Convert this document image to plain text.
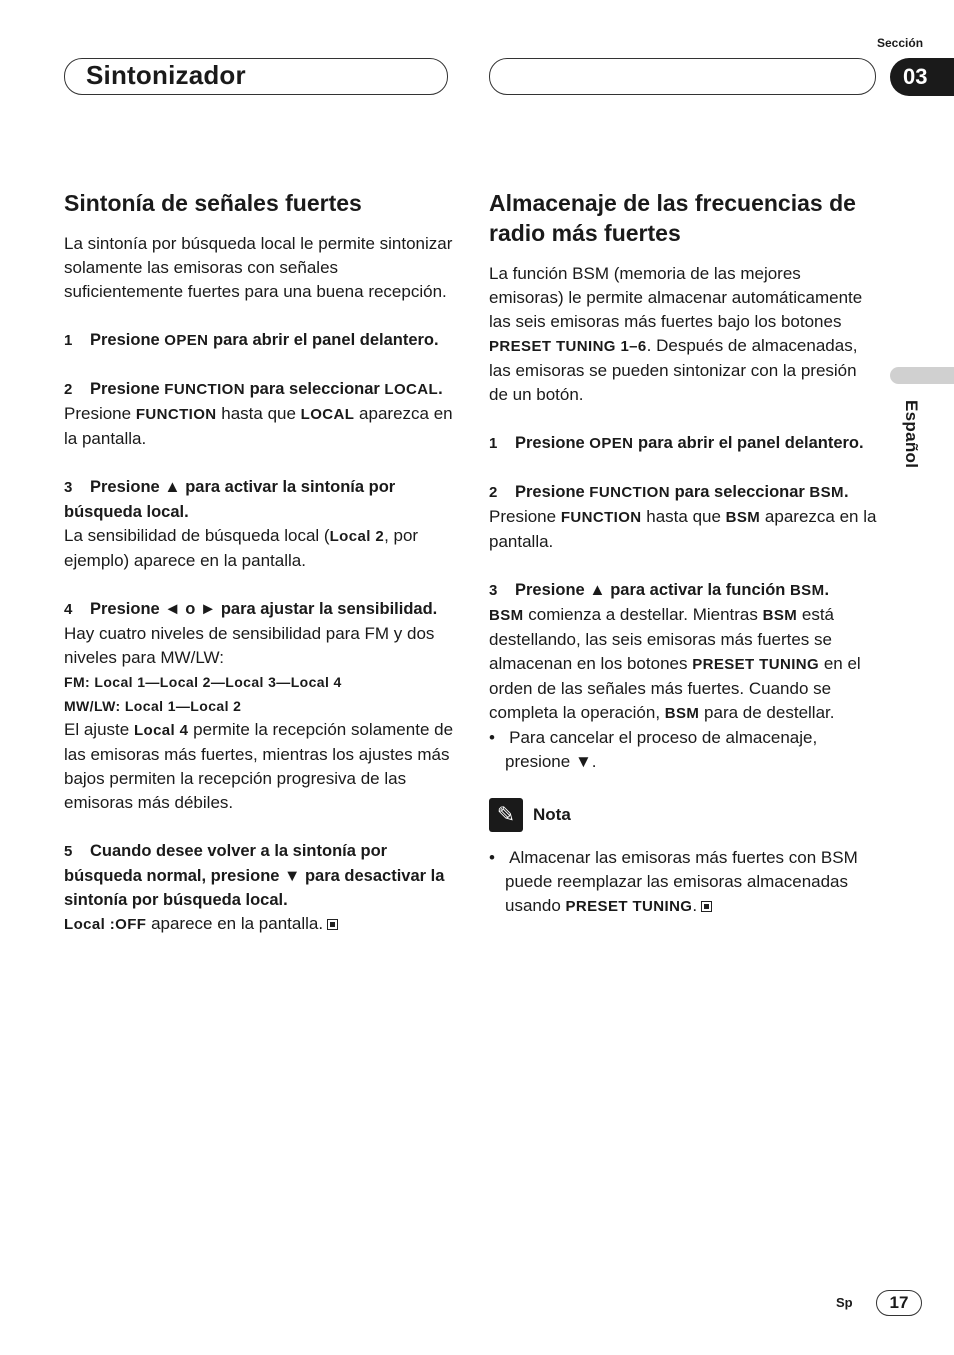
Sección
Sintonizador	03
Español
Sintonía de señales fuertes

La sintonía por búsqueda local le permite sintonizar solamente las emisoras con señales suficientemente fuertes para una buena recepción.

1 Presione OPEN para abrir el panel delantero.

2 Presione FUNCTION para seleccionar LOCAL.

Presione FUNCTION hasta que LOCAL aparezca en la pantalla.

3 Presione ▲ para activar la sintonía por búsqueda local.

La sensibilidad de búsqueda local (Local 2, por ejemplo) aparece en la pantalla.

4 Presione ◄ o ► para ajustar la sensibilidad.

Hay cuatro niveles de sensibilidad para FM y dos niveles para MW/LW:

FM: Local 1—Local 2—Local 3—Local 4

MW/LW: Local 1—Local 2

El ajuste Local 4 permite la recepción solamente de las emisoras más fuertes, mientras los ajustes más bajos permiten la recepción progresiva de las emisoras más débiles.

5 Cuando desee volver a la sintonía por búsqueda normal, presione ▼ para desactivar la sintonía por búsqueda local.

Local :OFF aparece en la pantalla.

Almacenaje de las frecuencias de radio más fuertes

La función BSM (memoria de las mejores emisoras) le permite almacenar automáticamente las seis emisoras más fuertes bajo los botones PRESET TUNING 1–6. Después de almacenadas, las emisoras se pueden sintonizar con la presión de un botón.

1 Presione OPEN para abrir el panel delantero.

2 Presione FUNCTION para seleccionar BSM.

Presione FUNCTION hasta que BSM aparezca en la pantalla.

3 Presione ▲ para activar la función BSM.

BSM comienza a destellar. Mientras BSM está destellando, las seis emisoras más fuertes se almacenan en los botones PRESET TUNING en el orden de las señales más fuertes. Cuando se completa la operación, BSM para de destellar.

•   Para cancelar el proceso de almacenaje, presione ▼.

✎	Nota

•   Almacenar las emisoras más fuertes con BSM puede reemplazar las emisoras almacenadas usando PRESET TUNING.

Sp	17
